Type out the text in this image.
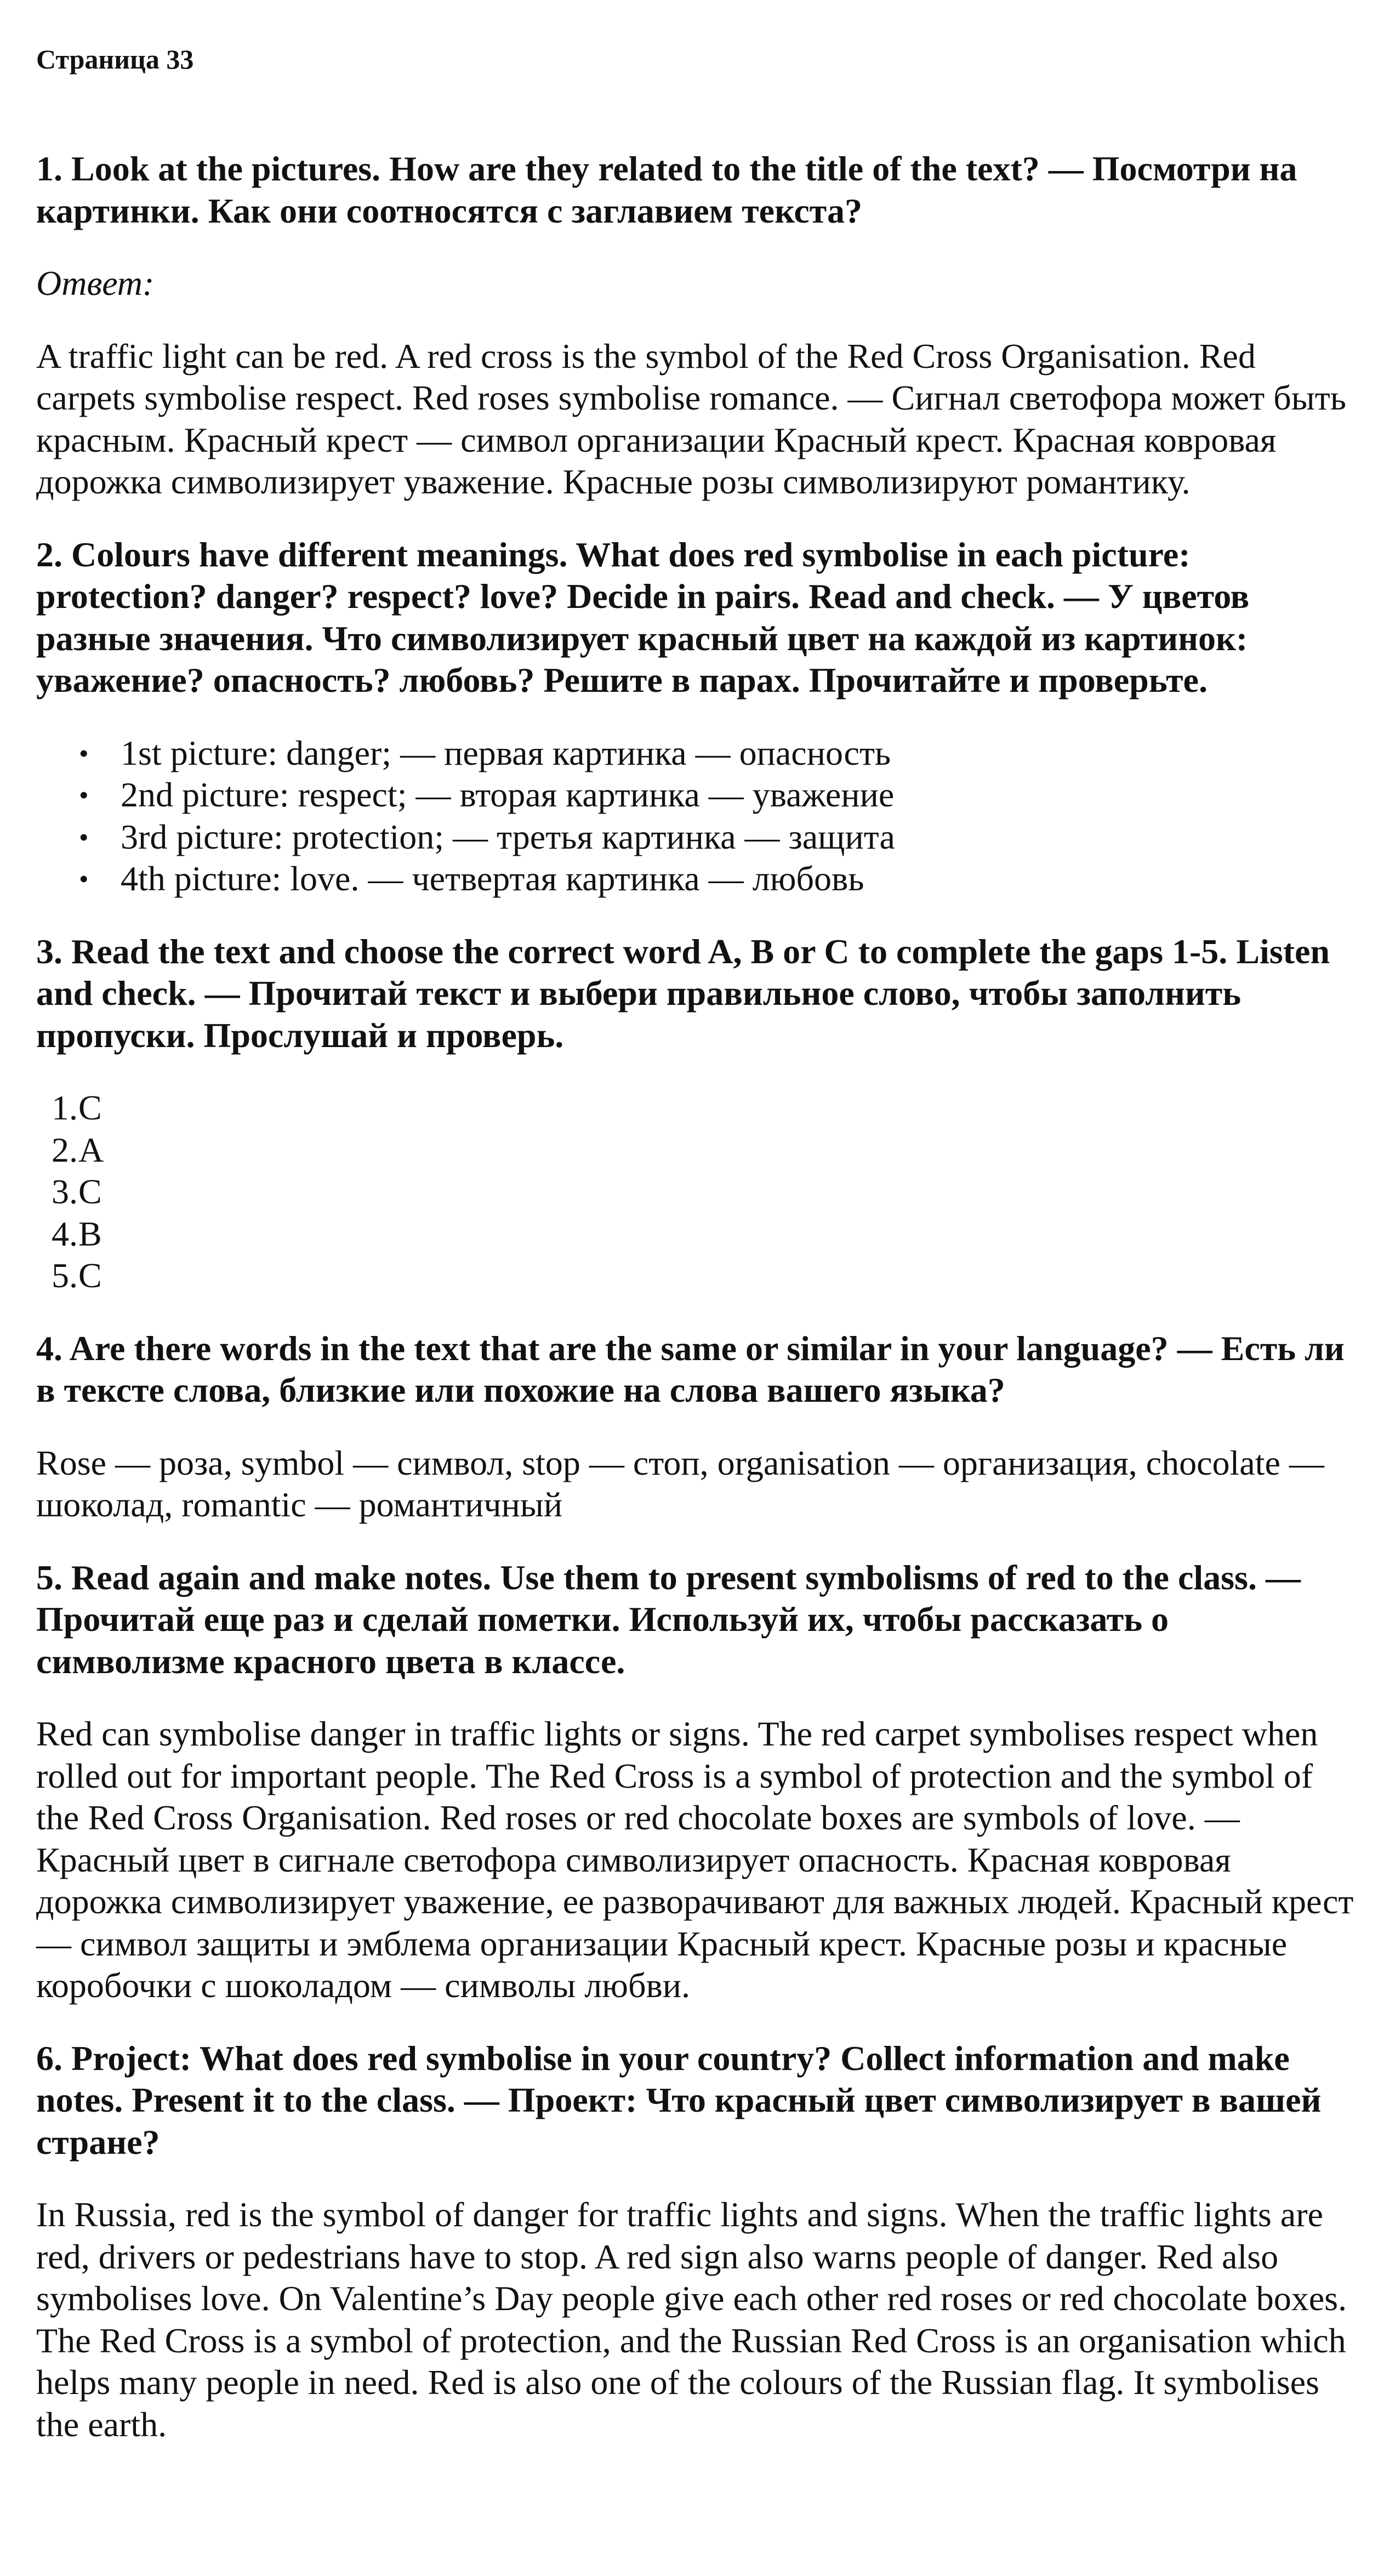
Страница 33
1. Look at the pictures. How are they related to the title of the text? — Посмотри на картинки. Как они соотносятся с заглавием текста?
Ответ:
A traffic light can be red. A red cross is the symbol of the Red Cross Organisation. Red carpets symbolise respect. Red roses symbolise romance. — Сигнал светофора может быть красным. Красный крест — символ организации Красный крест. Красная ковровая дорожка символизирует уважение. Красные розы символизируют романтику.
2. Colours have different meanings. What does red symbolise in each picture: protection? danger? respect? love? Decide in pairs. Read and check. — У цветов разные значения. Что символизирует красный цвет на каждой из картинок: уважение? опасность? любовь? Решите в парах. Прочитайте и проверьте.
• 1st picture: danger; — первая картинка — опасность
• 2nd picture: respect; — вторая картинка — уважение
• 3rd picture: protection; — третья картинка — защита
• 4th picture: love. — четвертая картинка — любовь
3. Read the text and choose the correct word A, B or C to complete the gaps 1-5. Listen and check. — Прочитай текст и выбери правильное слово, чтобы заполнить пропуски. Прослушай и проверь.
1. C
2. A
3. C
4. B
5. C
4. Are there words in the text that are the same or similar in your language? — Есть ли в тексте слова, близкие или похожие на слова вашего языка?
Rose — роза, symbol — символ, stop — стоп, organisation — организация, chocolate — шоколад, romantic — романтичный
5. Read again and make notes. Use them to present symbolisms of red to the class. — Прочитай еще раз и сделай пометки. Используй их, чтобы рассказать о символизме красного цвета в классе.
Red can symbolise danger in traffic lights or signs. The red carpet symbolises respect when rolled out for important people. The Red Cross is a symbol of protection and the symbol of the Red Cross Organisation. Red roses or red chocolate boxes are symbols of love. — Красный цвет в сигнале светофора символизирует опасность. Красная ковровая дорожка символизирует уважение, ее разворачивают для важных людей. Красный крест — символ защиты и эмблема организации Красный крест. Красные розы и красные коробочки с шоколадом — символы любви.
6. Project: What does red symbolise in your country? Collect information and make notes. Present it to the class. — Проект: Что красный цвет символизирует в вашей стране?
In Russia, red is the symbol of danger for traffic lights and signs. When the traffic lights are red, drivers or pedestrians have to stop. A red sign also warns people of danger. Red also symbolises love. On Valentine’s Day people give each other red roses or red chocolate boxes. The Red Cross is a symbol of protection, and the Russian Red Cross is an organisation which helps many people in need. Red is also one of the colours of the Russian flag. It symbolises the earth.
